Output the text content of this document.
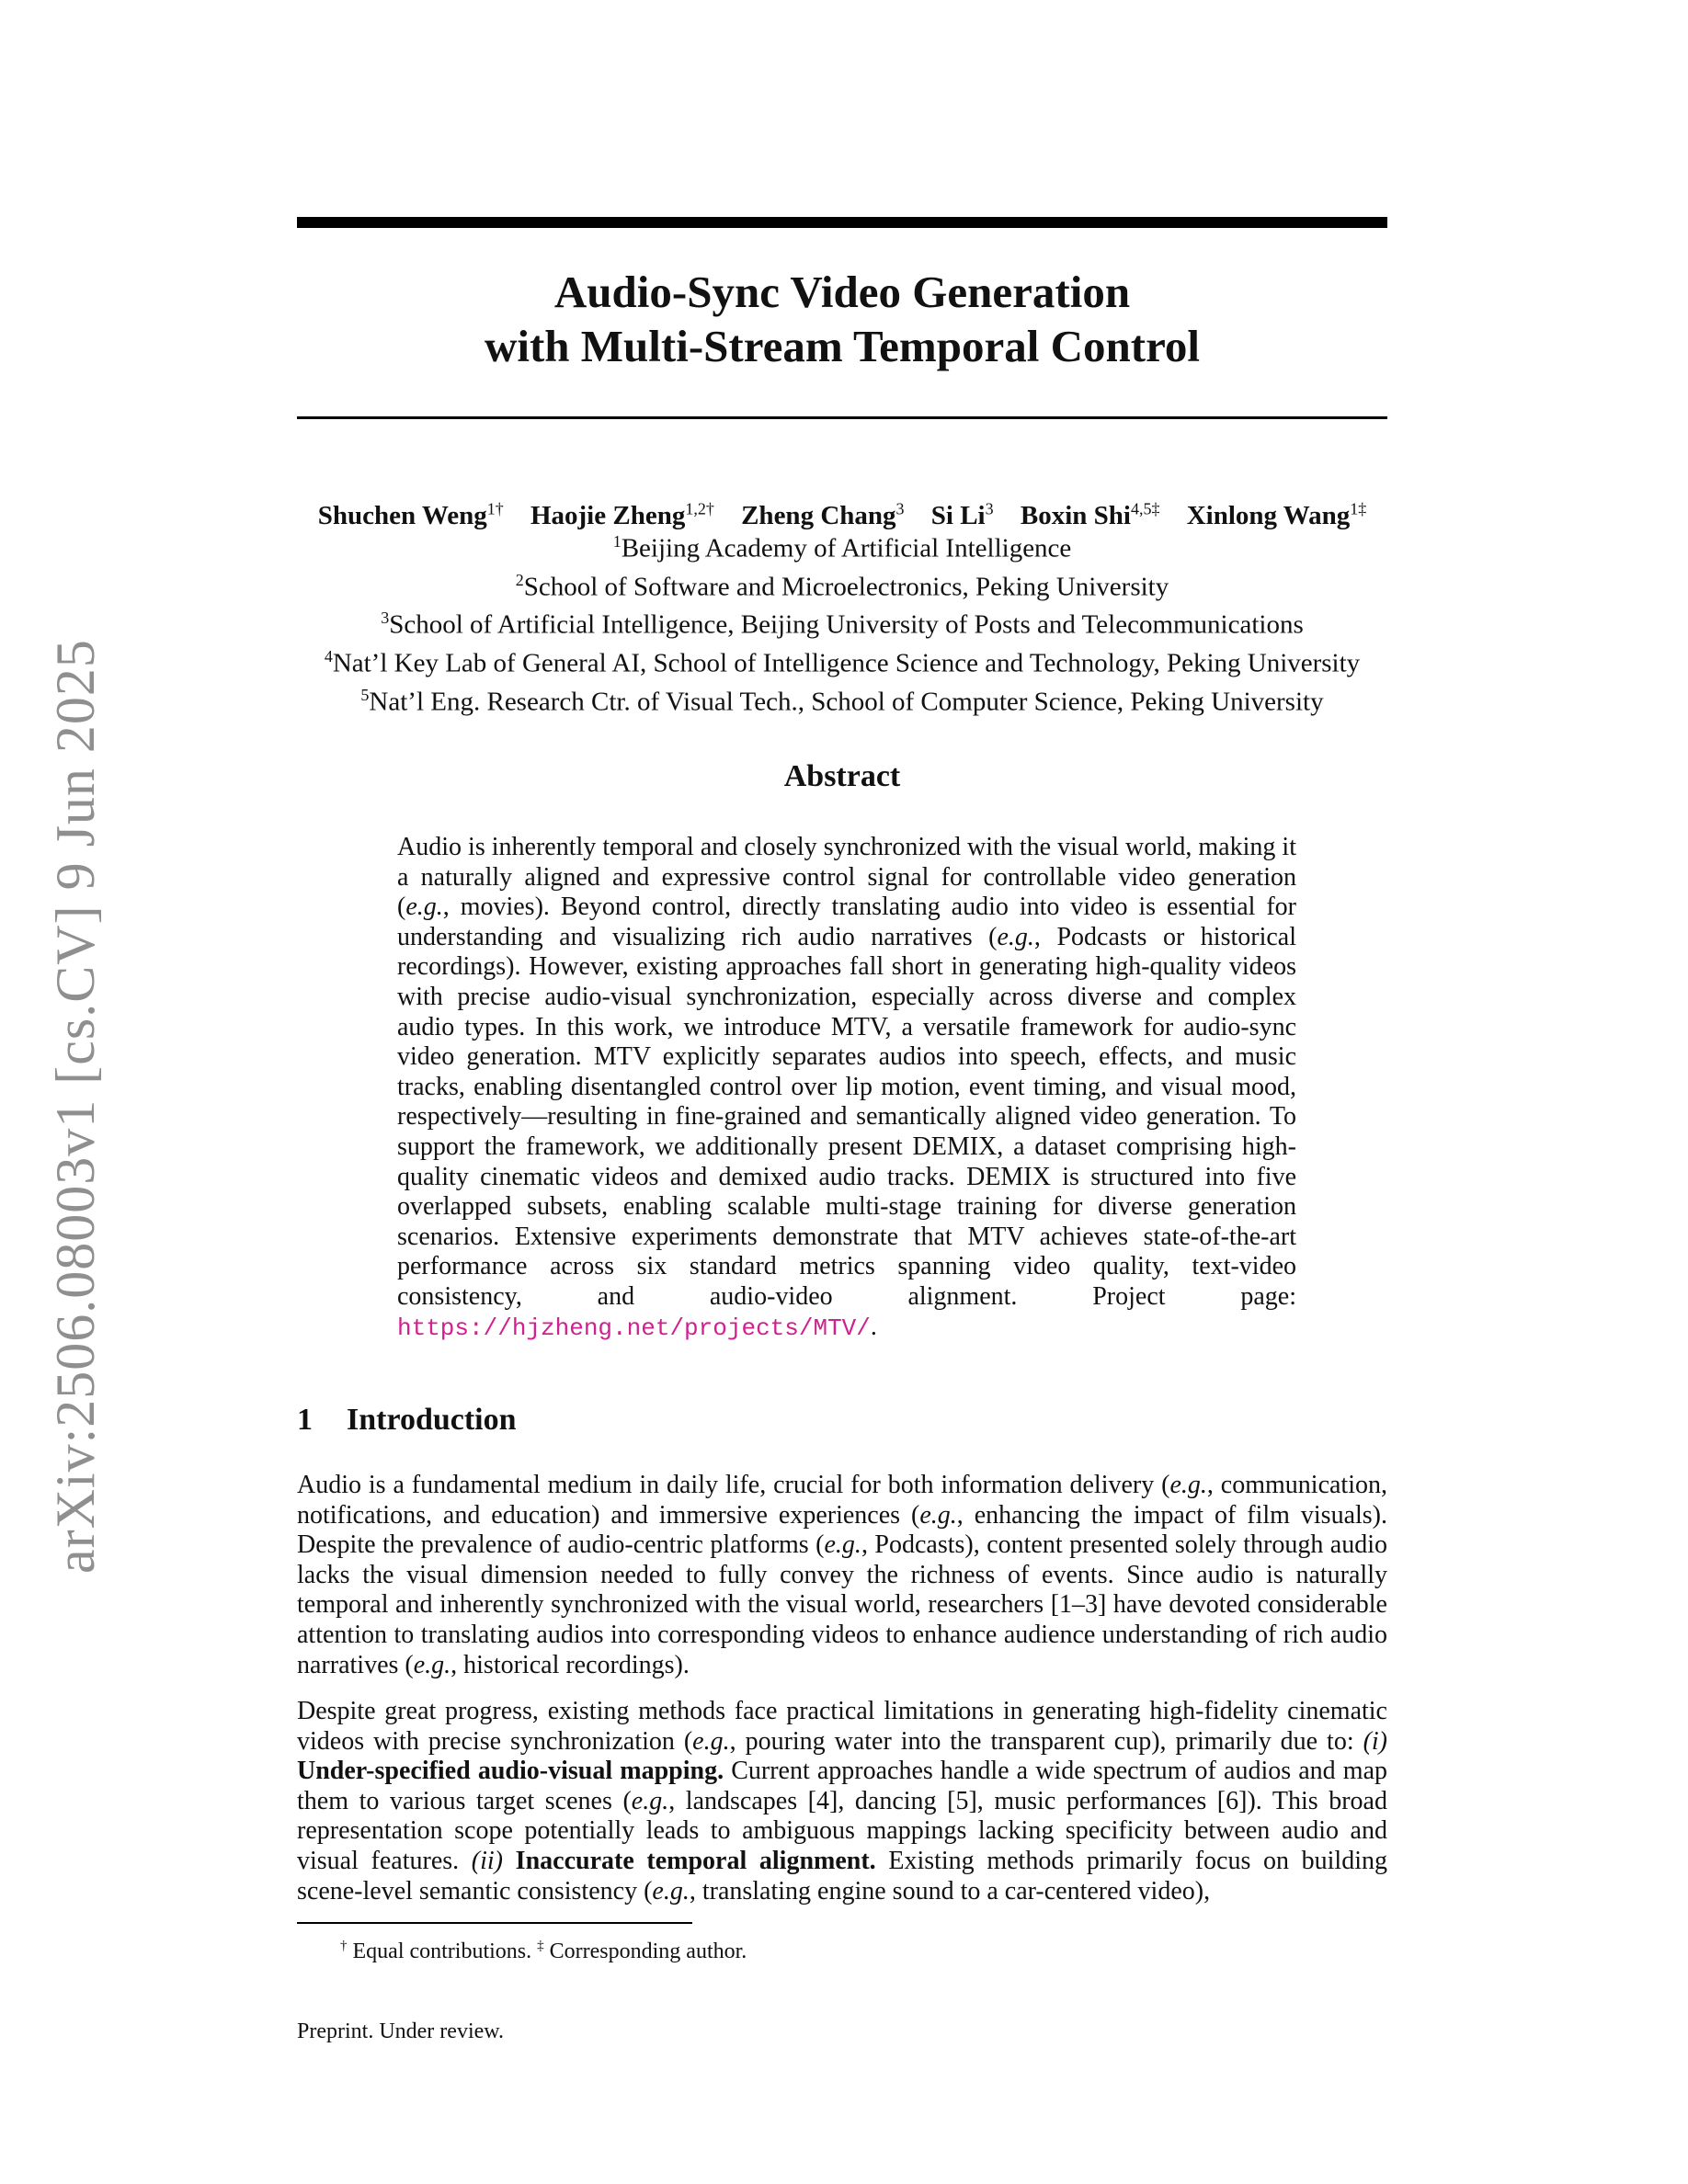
arXiv:2506.08003v1 [cs.CV] 9 Jun 2025
Audio-Sync Video Generation
with Multi-Stream Temporal Control
Shuchen Weng$^{1\dagger}$ Haojie Zheng$^{1,2\dagger}$ Zheng Chang$^3$ Si Li$^3$ Boxin Shi$^{4,5\ddagger}$ Xinlong Wang$^{1\ddagger}$
$^1$Beijing Academy of Artificial Intelligence
$^2$School of Software and Microelectronics, Peking University
$^3$School of Artificial Intelligence, Beijing University of Posts and Telecommunications
$^4$Nat’l Key Lab of General AI, School of Intelligence Science and Technology, Peking University
$^5$Nat’l Eng. Research Ctr. of Visual Tech., School of Computer Science, Peking University
Abstract
Audio is inherently temporal and closely synchronized with the visual world, making it a naturally aligned and expressive control signal for controllable video generation (e.g., movies). Beyond control, directly translating audio into video is essential for understanding and visualizing rich audio narratives (e.g., Podcasts or historical recordings). However, existing approaches fall short in generating high-quality videos with precise audio-visual synchronization, especially across diverse and complex audio types. In this work, we introduce MTV, a versatile framework for audio-sync video generation. MTV explicitly separates audios into speech, effects, and music tracks, enabling disentangled control over lip motion, event timing, and visual mood, respectively—resulting in fine-grained and semantically aligned video generation. To support the framework, we additionally present DEMIX, a dataset comprising high-quality cinematic videos and demixed audio tracks. DEMIX is structured into five overlapped subsets, enabling scalable multi-stage training for diverse generation scenarios. Extensive experiments demonstrate that MTV achieves state-of-the-art performance across six standard metrics spanning video quality, text-video consistency, and audio-video alignment. Project page: https://hjzheng.net/projects/MTV/.
1 Introduction

Audio is a fundamental medium in daily life, crucial for both information delivery (e.g., communication, notifications, and education) and immersive experiences (e.g., enhancing the impact of film visuals). Despite the prevalence of audio-centric platforms (e.g., Podcasts), content presented solely through audio lacks the visual dimension needed to fully convey the richness of events. Since audio is naturally temporal and inherently synchronized with the visual world, researchers [1–3] have devoted considerable attention to translating audios into corresponding videos to enhance audience understanding of rich audio narratives (e.g., historical recordings).

Despite great progress, existing methods face practical limitations in generating high-fidelity cinematic videos with precise synchronization (e.g., pouring water into the transparent cup), primarily due to: (i) Under-specified audio-visual mapping. Current approaches handle a wide spectrum of audios and map them to various target scenes (e.g., landscapes [4], dancing [5], music performances [6]). This broad representation scope potentially leads to ambiguous mappings lacking specificity between audio and visual features. (ii) Inaccurate temporal alignment. Existing methods primarily focus on building scene-level semantic consistency (e.g., translating engine sound to a car-centered video),

† Equal contributions. ‡ Corresponding author.
Preprint. Under review.
